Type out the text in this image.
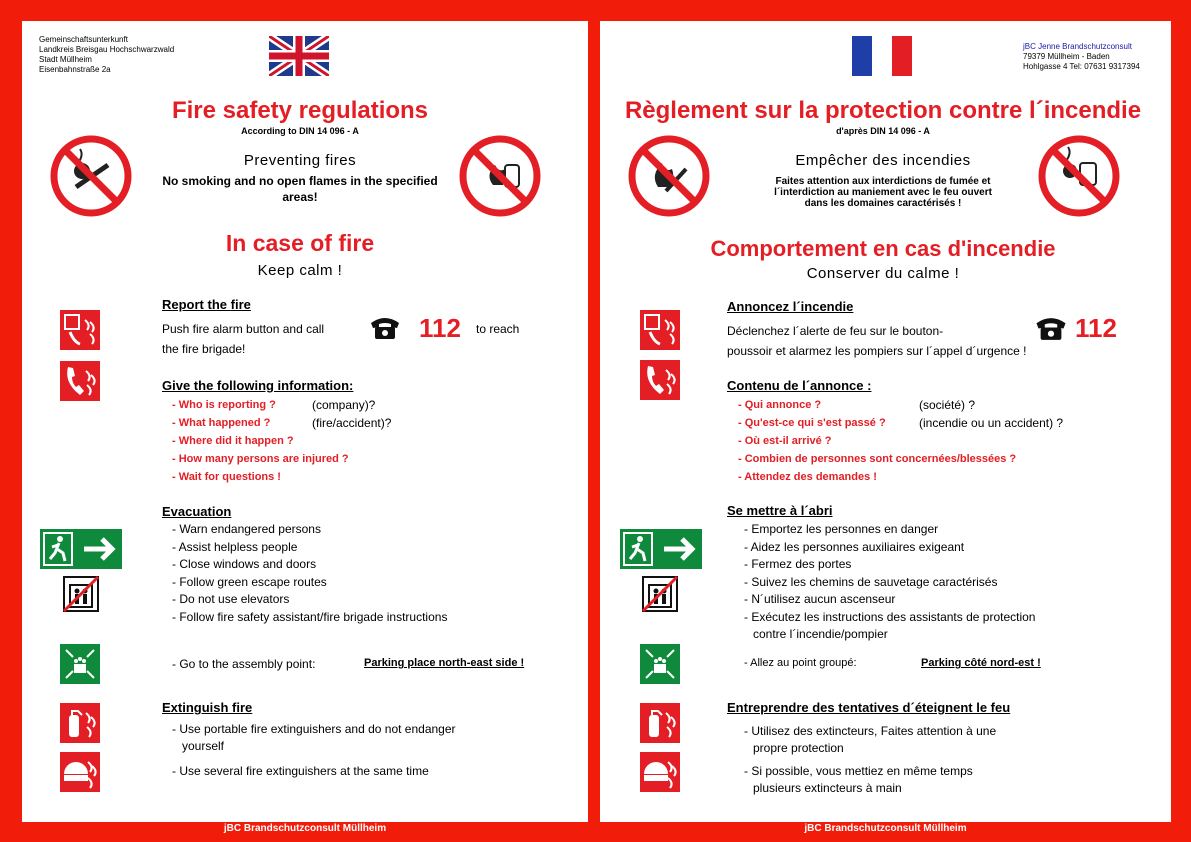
Gemeinschaftsunterkunft
Landkreis Breisgau Hochschwarzwald
Stadt Müllheim
Eisenbahnstraße 2a
Fire safety regulations
According to DIN 14 096 - A
Preventing fires
No smoking and no open flames in the specified
areas!
In case of fire
Keep calm !
Report the fire
Push fire alarm button and call
the fire brigade!
112 to reach
Give the following information:
- Who is reporting ?
- What happened ?
- Where did it happen ?
- How many persons are injured ?
- Wait for questions !
(company)?
(fire/accident)?
Evacuation
- Warn endangered persons
- Assist helpless people
- Close windows and doors
- Follow green escape routes
- Do not use elevators
- Follow fire safety assistant/fire brigade instructions
- Go to the assembly point:	Parking place north-east side !
Extinguish fire
- Use portable fire extinguishers and do not endanger
yourself
- Use several fire extinguishers at the same time
jBC Brandschutzconsult Müllheim
jBC Jenne Brandschutzconsult
79379 Müllheim - Baden
Hohlgasse 4 Tel: 07631 9317394
Règlement sur la protection contre l´incendie
d'après DIN 14 096 - A
Empêcher des incendies
Faites attention aux interdictions de fumée et
l´interdiction au maniement avec le feu ouvert
dans les domaines caractérisés !
Comportement en cas d'incendie
Conserver du calme !
Annoncez l´incendie
Déclenchez l´alerte de feu sur le bouton-
poussoir et alarmez les pompiers sur l´appel d´urgence !
112
Contenu de l´annonce :
- Qui annonce ?
- Qu'est-ce qui s'est passé ?
- Où est-il arrivé ?
- Combien de personnes sont concernées/blessées ?
- Attendez des demandes !
(société) ?
(incendie ou un accident) ?
Se mettre à l´abri
- Emportez les personnes en danger
- Aidez les personnes auxiliaires exigeant
- Fermez des portes
- Suivez les chemins de sauvetage caractérisés
- N´utilisez aucun ascenseur
- Exécutez les instructions des assistants de protection
contre l´incendie/pompier
- Allez au point groupé:	Parking côté nord-est !
Entreprendre des tentatives d´éteignent le feu
- Utilisez des extincteurs, Faites attention à une
propre protection
- Si possible, vous mettiez en même temps
plusieurs extincteurs à main
jBC Brandschutzconsult Müllheim
